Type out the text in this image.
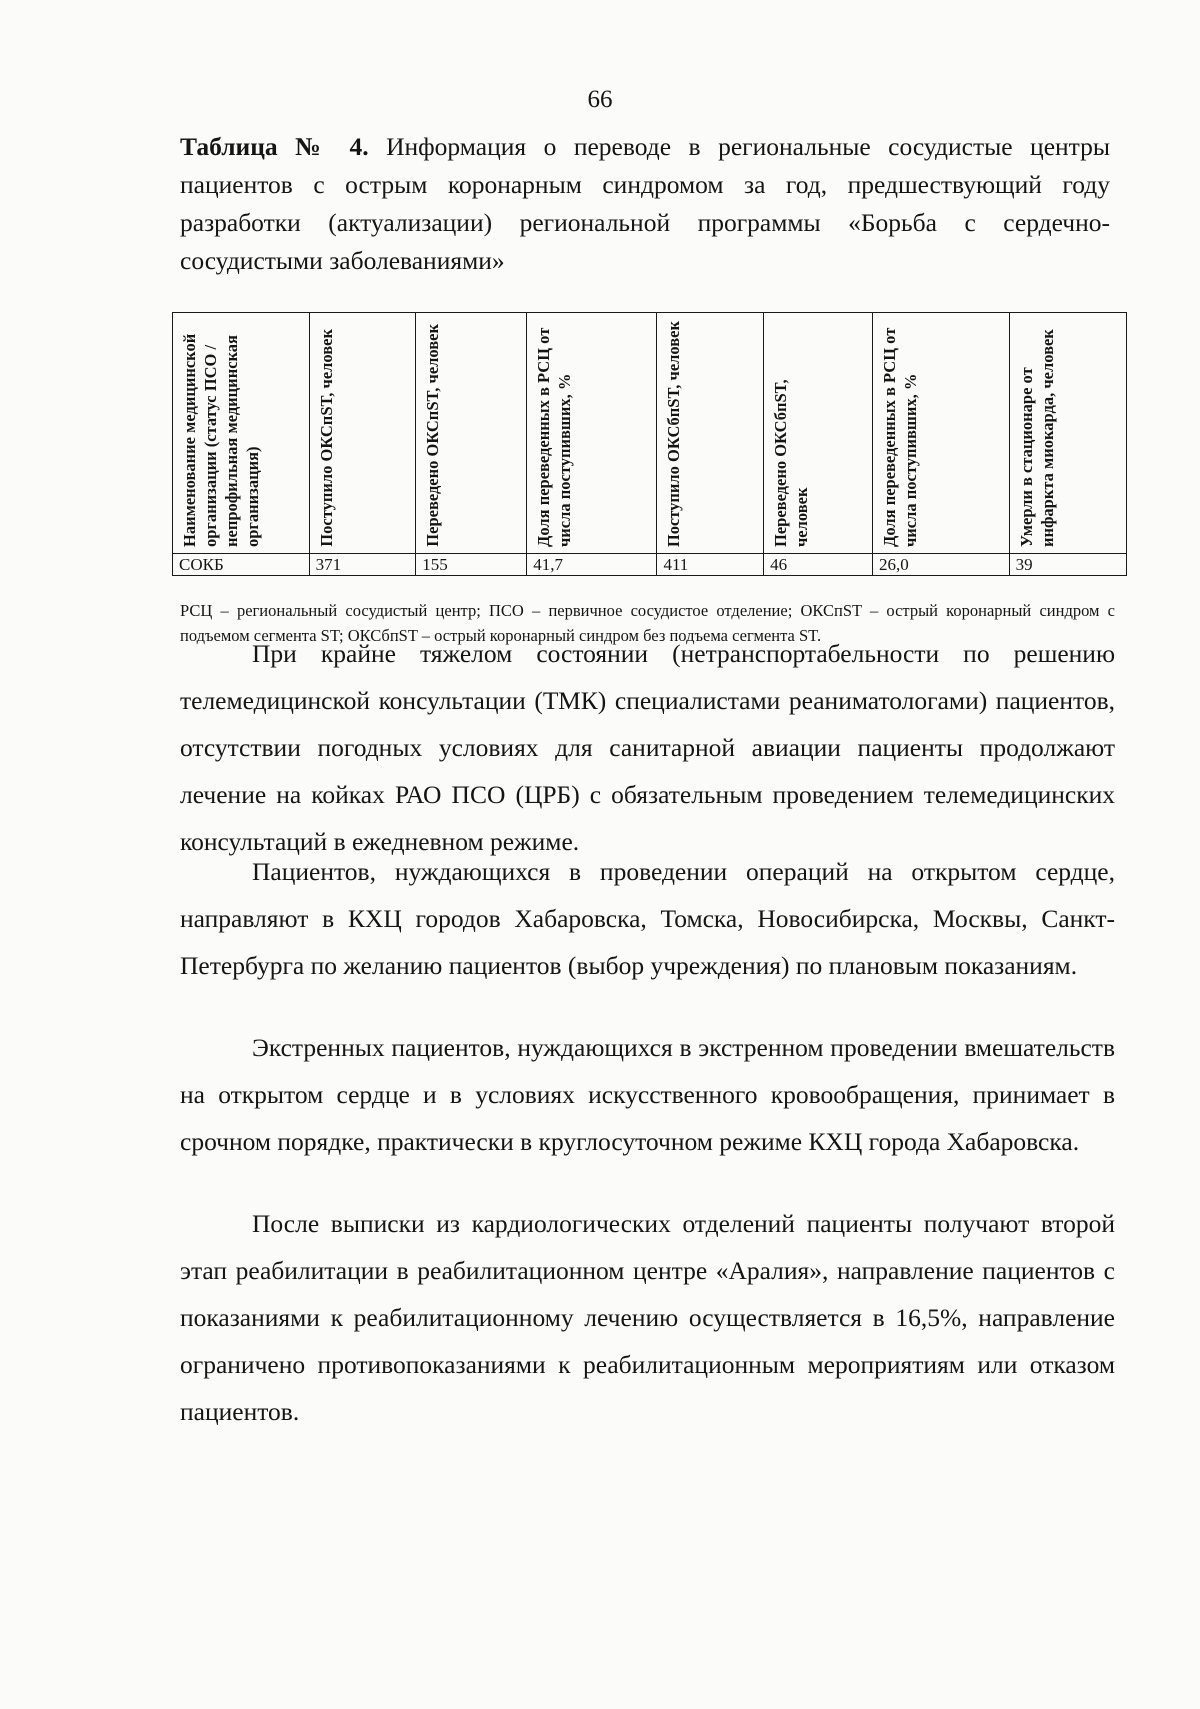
66
Таблица № 4. Информация о переводе в региональные сосудистые центры пациентов с острым коронарным синдромом за год, предшествующий году разработки (актуализации) региональной программы «Борьба с сердечно-сосудистыми заболеваниями»
Наименование медицинской организации (статус ПСО / непрофильная медицинская организация)	Поступило ОКСпST, человек	Переведено ОКСпST, человек	Доля переведенных в РСЦ от числа поступивших, %	Поступило ОКСбпST, человек	Переведено ОКСбпST, человек	Доля переведенных в РСЦ от числа поступивших, %	Умерли в стационаре от инфаркта миокарда, человек

СОКБ	371	155	41,7	411	46	26,0	39
РСЦ – региональный сосудистый центр; ПСО – первичное сосудистое отделение; ОКСпST – острый коронарный синдром с подъемом сегмента ST; ОКСбпST – острый коронарный синдром без подъема сегмента ST.

При крайне тяжелом состоянии (нетранспортабельности по решению телемедицинской консультации (ТМК) специалистами реаниматологами) пациентов, отсутствии погодных условиях для санитарной авиации пациенты продолжают лечение на койках РАО ПСО (ЦРБ) с обязательным проведением телемедицинских консультаций в ежедневном режиме.

Пациентов, нуждающихся в проведении операций на открытом сердце, направляют в КХЦ городов Хабаровска, Томска, Новосибирска, Москвы, Санкт-Петербурга по желанию пациентов (выбор учреждения) по плановым показаниям.

Экстренных пациентов, нуждающихся в экстренном проведении вмешательств на открытом сердце и в условиях искусственного кровообращения, принимает в срочном порядке, практически в круглосуточном режиме КХЦ города Хабаровска.

После выписки из кардиологических отделений пациенты получают второй этап реабилитации в реабилитационном центре «Аралия», направление пациентов с показаниями к реабилитационному лечению осуществляется в 16,5%, направление ограничено противопоказаниями к реабилитационным мероприятиям или отказом пациентов.
